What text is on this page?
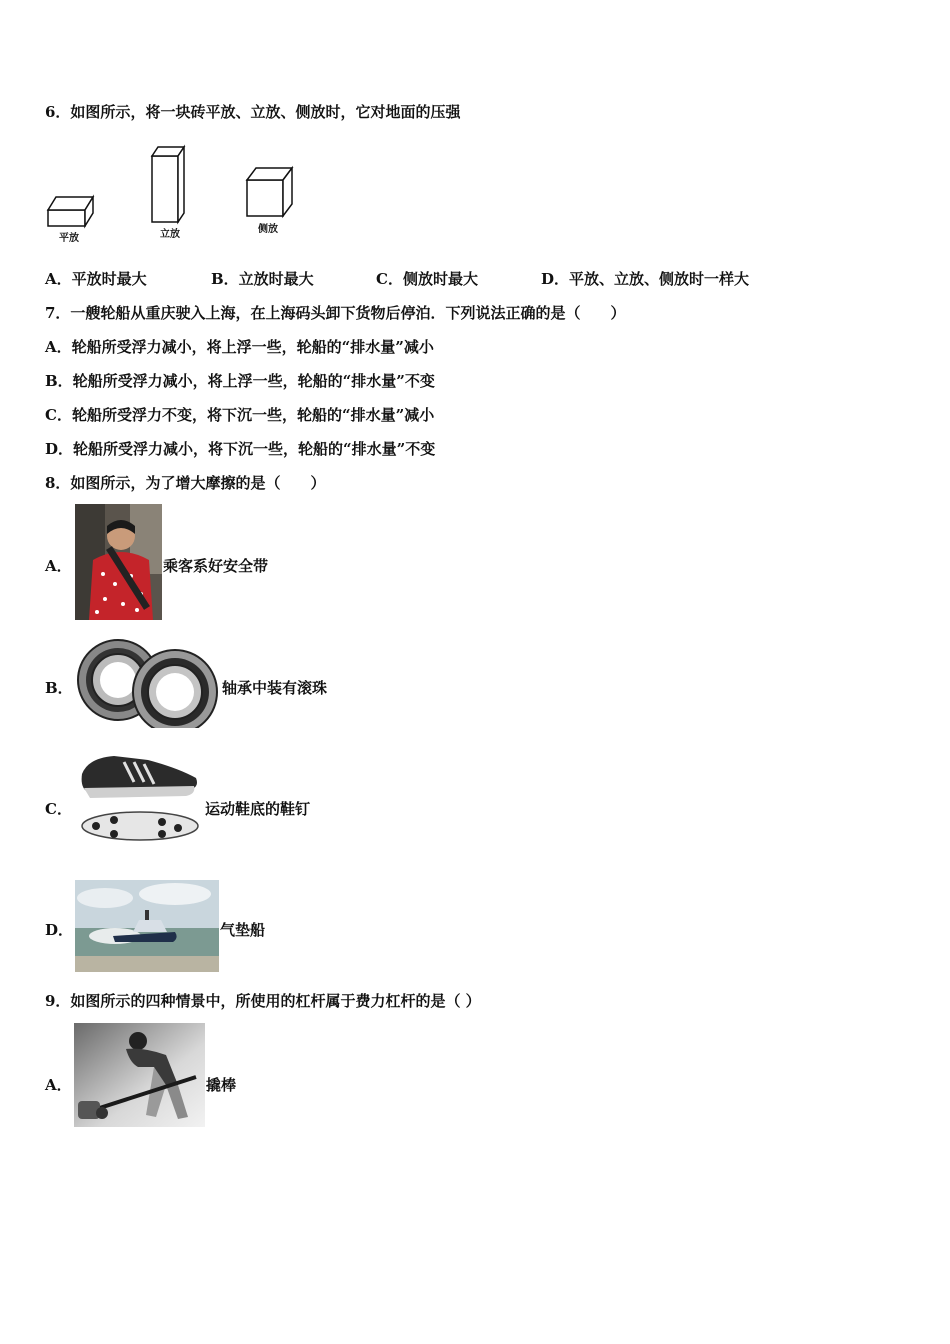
6．如图所示，将一块砖平放、立放、侧放时，它对地面的压强
平放	立放	侧放
A．平放时最大	B．立放时最大	C．侧放时最大	D．平放、立放、侧放时一样大
7．一艘轮船从重庆驶入上海，在上海码头卸下货物后停泊．下列说法正确的是（　　）
A．轮船所受浮力减小，将上浮一些，轮船的“排水量”减小
B．轮船所受浮力减小，将上浮一些，轮船的“排水量”不变
C．轮船所受浮力不变，将下沉一些，轮船的“排水量”减小
D．轮船所受浮力减小，将下沉一些，轮船的“排水量”不变
8．如图所示，为了增大摩擦的是（　　）
A．	乘客系好安全带
B．	轴承中装有滚珠
C．	运动鞋底的鞋钉
D．	气垫船
9．如图所示的四种情景中，所使用的杠杆属于费力杠杆的是（ ）
A．	撬棒
